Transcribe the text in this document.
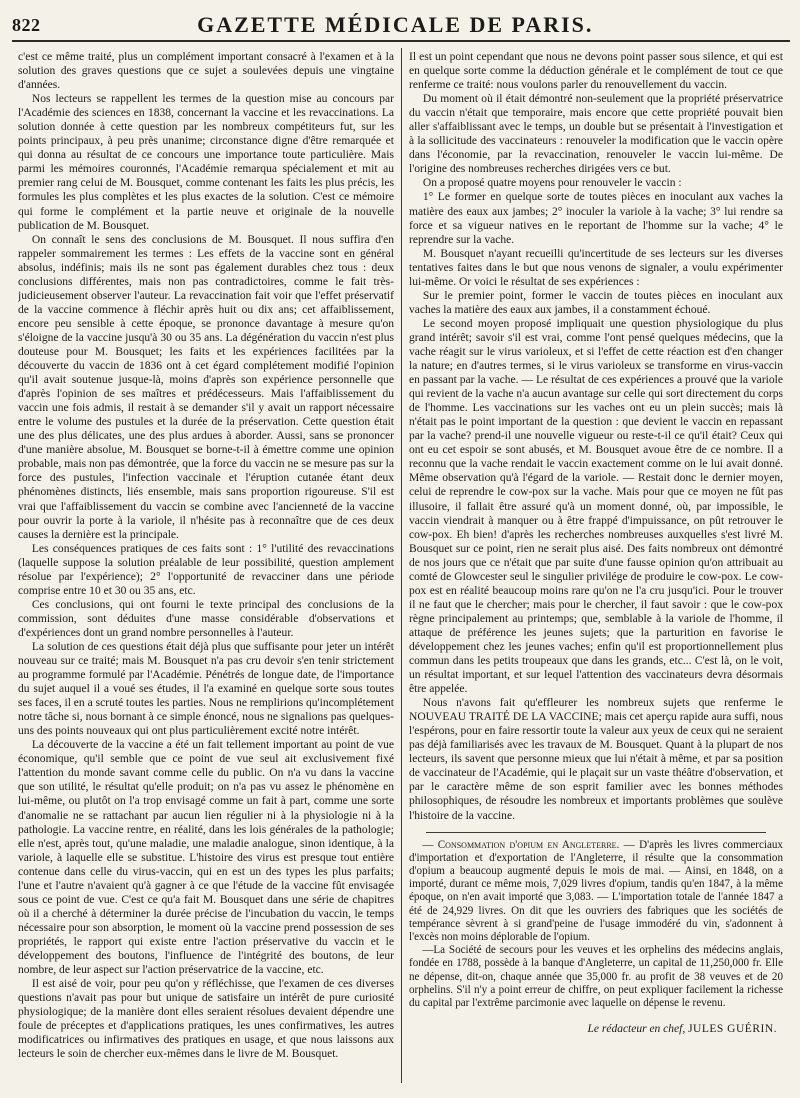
822	GAZETTE MÉDICALE DE PARIS.

c'est ce même traité, plus un complément important consacré à l'examen et à la solution des graves questions que ce sujet a soulevées depuis une vingtaine d'années.

Nos lecteurs se rappellent les termes de la question mise au concours par l'Académie des sciences en 1838, concernant la vaccine et les revaccinations. La solution donnée à cette question par les nombreux compétiteurs fut, sur les points principaux, à peu près unanime; circonstance digne d'être remarquée et qui donna au résultat de ce concours une importance toute particulière. Mais parmi les mémoires couronnés, l'Académie remarqua spécialement et mit au premier rang celui de M. Bousquet, comme contenant les faits les plus précis, les formules les plus complètes et les plus exactes de la solution. C'est ce mémoire qui forme le complément et la partie neuve et originale de la nouvelle publication de M. Bousquet.

On connaît le sens des conclusions de M. Bousquet. Il nous suffira d'en rappeler sommairement les termes : Les effets de la vaccine sont en général absolus, indéfinis; mais ils ne sont pas également durables chez tous : deux conclusions différentes, mais non pas contradictoires, comme le fait très-judicieusement observer l'auteur. La revaccination fait voir que l'effet préservatif de la vaccine commence à fléchir après huit ou dix ans; cet affaiblissement, encore peu sensible à cette époque, se prononce davantage à mesure qu'on s'éloigne de la vaccine jusqu'à 30 ou 35 ans. La dégénération du vaccin n'est plus douteuse pour M. Bousquet; les faits et les expériences facilitées par la découverte du vaccin de 1836 ont à cet égard complétement modifié l'opinion qu'il avait soutenue jusque-là, moins d'après son expérience personnelle que d'après l'opinion de ses maîtres et prédécesseurs. Mais l'affaiblissement du vaccin une fois admis, il restait à se demander s'il y avait un rapport nécessaire entre le volume des pustules et la durée de la préservation. Cette question était une des plus délicates, une des plus ardues à aborder. Aussi, sans se prononcer d'une manière absolue, M. Bousquet se borne-t-il à émettre comme une opinion probable, mais non pas démontrée, que la force du vaccin ne se mesure pas sur la force des pustules, l'infection vaccinale et l'éruption cutanée étant deux phénomènes distincts, liés ensemble, mais sans proportion rigoureuse. S'il est vrai que l'affaiblissement du vaccin se combine avec l'ancienneté de la vaccine pour ouvrir la porte à la variole, il n'hésite pas à reconnaître que de ces deux causes la dernière est la principale.

Les conséquences pratiques de ces faits sont : 1° l'utilité des revaccinations (laquelle suppose la solution préalable de leur possibilité, question amplement résolue par l'expérience); 2° l'opportunité de revacciner dans une période comprise entre 10 et 30 ou 35 ans, etc.

Ces conclusions, qui ont fourni le texte principal des conclusions de la commission, sont déduites d'une masse considérable d'observations et d'expériences dont un grand nombre personnelles à l'auteur.

La solution de ces questions était déjà plus que suffisante pour jeter un intérêt nouveau sur ce traité; mais M. Bousquet n'a pas cru devoir s'en tenir strictement au programme formulé par l'Académie. Pénétrés de longue date, de l'importance du sujet auquel il a voué ses études, il l'a examiné en quelque sorte sous toutes ses faces, il en a scruté toutes les parties. Nous ne remplirions qu'incomplétement notre tâche si, nous bornant à ce simple énoncé, nous ne signalions pas quelques-uns des points nouveaux qui ont plus particulièrement excité notre intérêt.

La découverte de la vaccine a été un fait tellement important au point de vue économique, qu'il semble que ce point de vue seul ait exclusivement fixé l'attention du monde savant comme celle du public. On n'a vu dans la vaccine que son utilité, le résultat qu'elle produit; on n'a pas vu assez le phénomène en lui-même, ou plutôt on l'a trop envisagé comme un fait à part, comme une sorte d'anomalie ne se rattachant par aucun lien régulier ni à la physiologie ni à la pathologie. La vaccine rentre, en réalité, dans les lois générales de la pathologie; elle n'est, après tout, qu'une maladie, une maladie analogue, sinon identique, à la variole, à laquelle elle se substitue. L'histoire des virus est presque tout entière contenue dans celle du virus-vaccin, qui en est un des types les plus parfaits; l'une et l'autre n'avaient qu'à gagner à ce que l'étude de la vaccine fût envisagée sous ce point de vue. C'est ce qu'a fait M. Bousquet dans une série de chapitres où il a cherché à déterminer la durée précise de l'incubation du vaccin, le temps nécessaire pour son absorption, le moment où la vaccine prend possession de ses propriétés, le rapport qui existe entre l'action préservative du vaccin et le développement des boutons, l'influence de l'intégrité des boutons, de leur nombre, de leur aspect sur l'action préservatrice de la vaccine, etc.

Il est aisé de voir, pour peu qu'on y réfléchisse, que l'examen de ces diverses questions n'avait pas pour but unique de satisfaire un intérêt de pure curiosité physiologique; de la manière dont elles seraient résolues devaient dépendre une foule de préceptes et d'applications pratiques, les unes confirmatives, les autres modificatrices ou infirmatives des pratiques en usage, et que nous laissons aux lecteurs le soin de chercher eux-mêmes dans le livre de M. Bousquet.

Il est un point cependant que nous ne devons point passer sous silence, et qui est en quelque sorte comme la déduction générale et le complément de tout ce que renferme ce traité: nous voulons parler du renouvellement du vaccin.

Du moment où il était démontré non-seulement que la propriété préservatrice du vaccin n'était que temporaire, mais encore que cette propriété pouvait bien aller s'affaiblissant avec le temps, un double but se présentait à l'investigation et à la sollicitude des vaccinateurs : renouveler la modification que le vaccin opère dans l'économie, par la revaccination, renouveler le vaccin lui-même. De l'origine des nombreuses recherches dirigées vers ce but.

On a proposé quatre moyens pour renouveler le vaccin :

1° Le former en quelque sorte de toutes pièces en inoculant aux vaches la matière des eaux aux jambes; 2° inoculer la variole à la vache; 3° lui rendre sa force et sa vigueur natives en le reportant de l'homme sur la vache; 4° le reprendre sur la vache.

M. Bousquet n'ayant recueilli qu'incertitude de ses lecteurs sur les diverses tentatives faites dans le but que nous venons de signaler, a voulu expérimenter lui-même. Or voici le résultat de ses expériences :

Sur le premier point, former le vaccin de toutes pièces en inoculant aux vaches la matière des eaux aux jambes, il a constamment échoué.

Le second moyen proposé impliquait une question physiologique du plus grand intérêt; savoir s'il est vrai, comme l'ont pensé quelques médecins, que la vache réagit sur le virus varioleux, et si l'effet de cette réaction est d'en changer la nature; en d'autres termes, si le virus varioleux se transforme en virus-vaccin en passant par la vache. — Le résultat de ces expériences a prouvé que la variole qui revient de la vache n'a aucun avantage sur celle qui sort directement du corps de l'homme. Les vaccinations sur les vaches ont eu un plein succès; mais là n'était pas le point important de la question : que devient le vaccin en repassant par la vache? prend-il une nouvelle vigueur ou reste-t-il ce qu'il était? Ceux qui ont eu cet espoir se sont abusés, et M. Bousquet avoue être de ce nombre. Il a reconnu que la vache rendait le vaccin exactement comme on le lui avait donné. Même observation qu'à l'égard de la variole. — Restait donc le dernier moyen, celui de reprendre le cow-pox sur la vache. Mais pour que ce moyen ne fût pas illusoire, il fallait être assuré qu'à un moment donné, où, par impossible, le vaccin viendrait à manquer ou à être frappé d'impuissance, on pût retrouver le cow-pox. Eh bien! d'après les recherches nombreuses auxquelles s'est livré M. Bousquet sur ce point, rien ne serait plus aisé. Des faits nombreux ont démontré de nos jours que ce n'était que par suite d'une fausse opinion qu'on attribuait au comté de Glowcester seul le singulier privilége de produire le cow-pox. Le cow-pox est en réalité beaucoup moins rare qu'on ne l'a cru jusqu'ici. Pour le trouver il ne faut que le chercher; mais pour le chercher, il faut savoir : que le cow-pox règne principalement au printemps; que, semblable à la variole de l'homme, il attaque de préférence les jeunes sujets; que la parturition en favorise le développement chez les jeunes vaches; enfin qu'il est proportionnellement plus commun dans les petits troupeaux que dans les grands, etc... C'est là, on le voit, un résultat important, et sur lequel l'attention des vaccinateurs devra désormais être appelée.

Nous n'avons fait qu'effleurer les nombreux sujets que renferme le NOUVEAU TRAITÉ DE LA VACCINE; mais cet aperçu rapide aura suffi, nous l'espérons, pour en faire ressortir toute la valeur aux yeux de ceux qui ne seraient pas déjà familiarisés avec les travaux de M. Bousquet. Quant à la plupart de nos lecteurs, ils savent que personne mieux que lui n'était à même, et par sa position de vaccinateur de l'Académie, qui le plaçait sur un vaste théâtre d'observation, et par le caractère même de son esprit familier avec les bonnes méthodes philosophiques, de résoudre les nombreux et importants problèmes que soulève l'histoire de la vaccine.

— Consommation d'opium en Angleterre. — D'après les livres commerciaux d'importation et d'exportation de l'Angleterre, il résulte que la consommation d'opium a beaucoup augmenté depuis le mois de mai. — Ainsi, en 1848, on a importé, durant ce même mois, 7,029 livres d'opium, tandis qu'en 1847, à la même époque, on n'en avait importé que 3,083. — L'importation totale de l'année 1847 a été de 24,929 livres. On dit que les ouvriers des fabriques que les sociétés de tempérance sèvrent à si grand'peine de l'usage immodéré du vin, s'adonnent à l'excès non moins déplorable de l'opium.

—La Société de secours pour les veuves et les orphelins des médecins anglais, fondée en 1788, possède à la banque d'Angleterre, un capital de 11,250,000 fr. Elle ne dépense, dit-on, chaque année que 35,000 fr. au profit de 38 veuves et de 20 orphelins. S'il n'y a point erreur de chiffre, on peut expliquer facilement la richesse du capital par l'extrême parcimonie avec laquelle on dépense le revenu.

Le rédacteur en chef, JULES GUÉRIN.
